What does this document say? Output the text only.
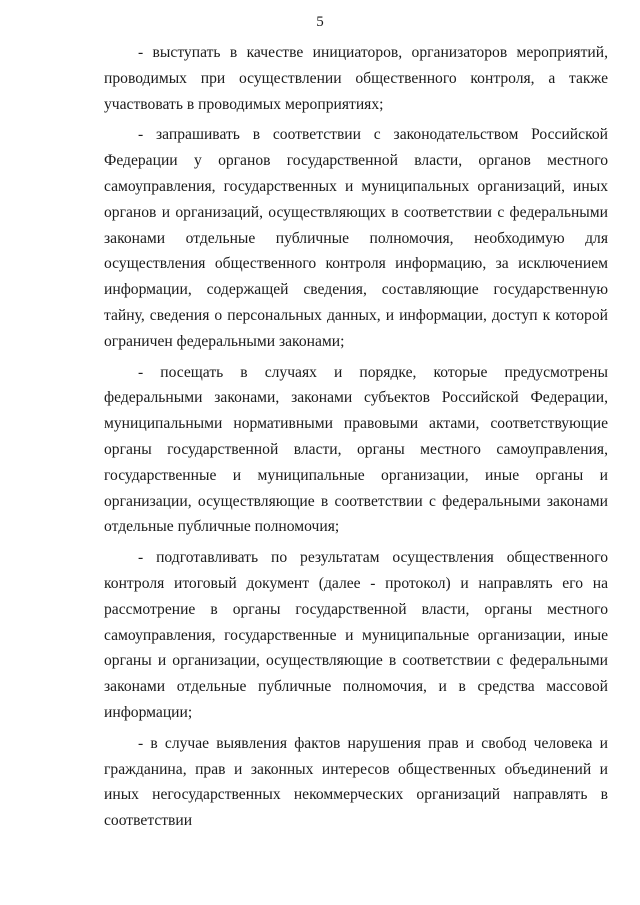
5

- выступать в качестве инициаторов, организаторов мероприятий, проводимых при осуществлении общественного контроля, а также участвовать в проводимых мероприятиях;

- запрашивать в соответствии с законодательством Российской Федерации у органов государственной власти, органов местного самоуправления, государственных и муниципальных организаций, иных органов и организаций, осуществляющих в соответствии с федеральными законами отдельные публичные полномочия, необходимую для осуществления общественного контроля информацию, за исключением информации, содержащей сведения, составляющие государственную тайну, сведения о персональных данных, и информации, доступ к которой ограничен федеральными законами;

- посещать в случаях и порядке, которые предусмотрены федеральными законами, законами субъектов Российской Федерации, муниципальными нормативными правовыми актами, соответствующие органы государственной власти, органы местного самоуправления, государственные и муниципальные организации, иные органы и организации, осуществляющие в соответствии с федеральными законами отдельные публичные полномочия;

- подготавливать по результатам осуществления общественного контроля итоговый документ (далее - протокол) и направлять его на рассмотрение в органы государственной власти, органы местного самоуправления, государственные и муниципальные организации, иные органы и организации, осуществляющие в соответствии с федеральными законами отдельные публичные полномочия, и в средства массовой информации;

- в случае выявления фактов нарушения прав и свобод человека и гражданина, прав и законных интересов общественных объединений и иных негосударственных некоммерческих организаций направлять в соответствии
